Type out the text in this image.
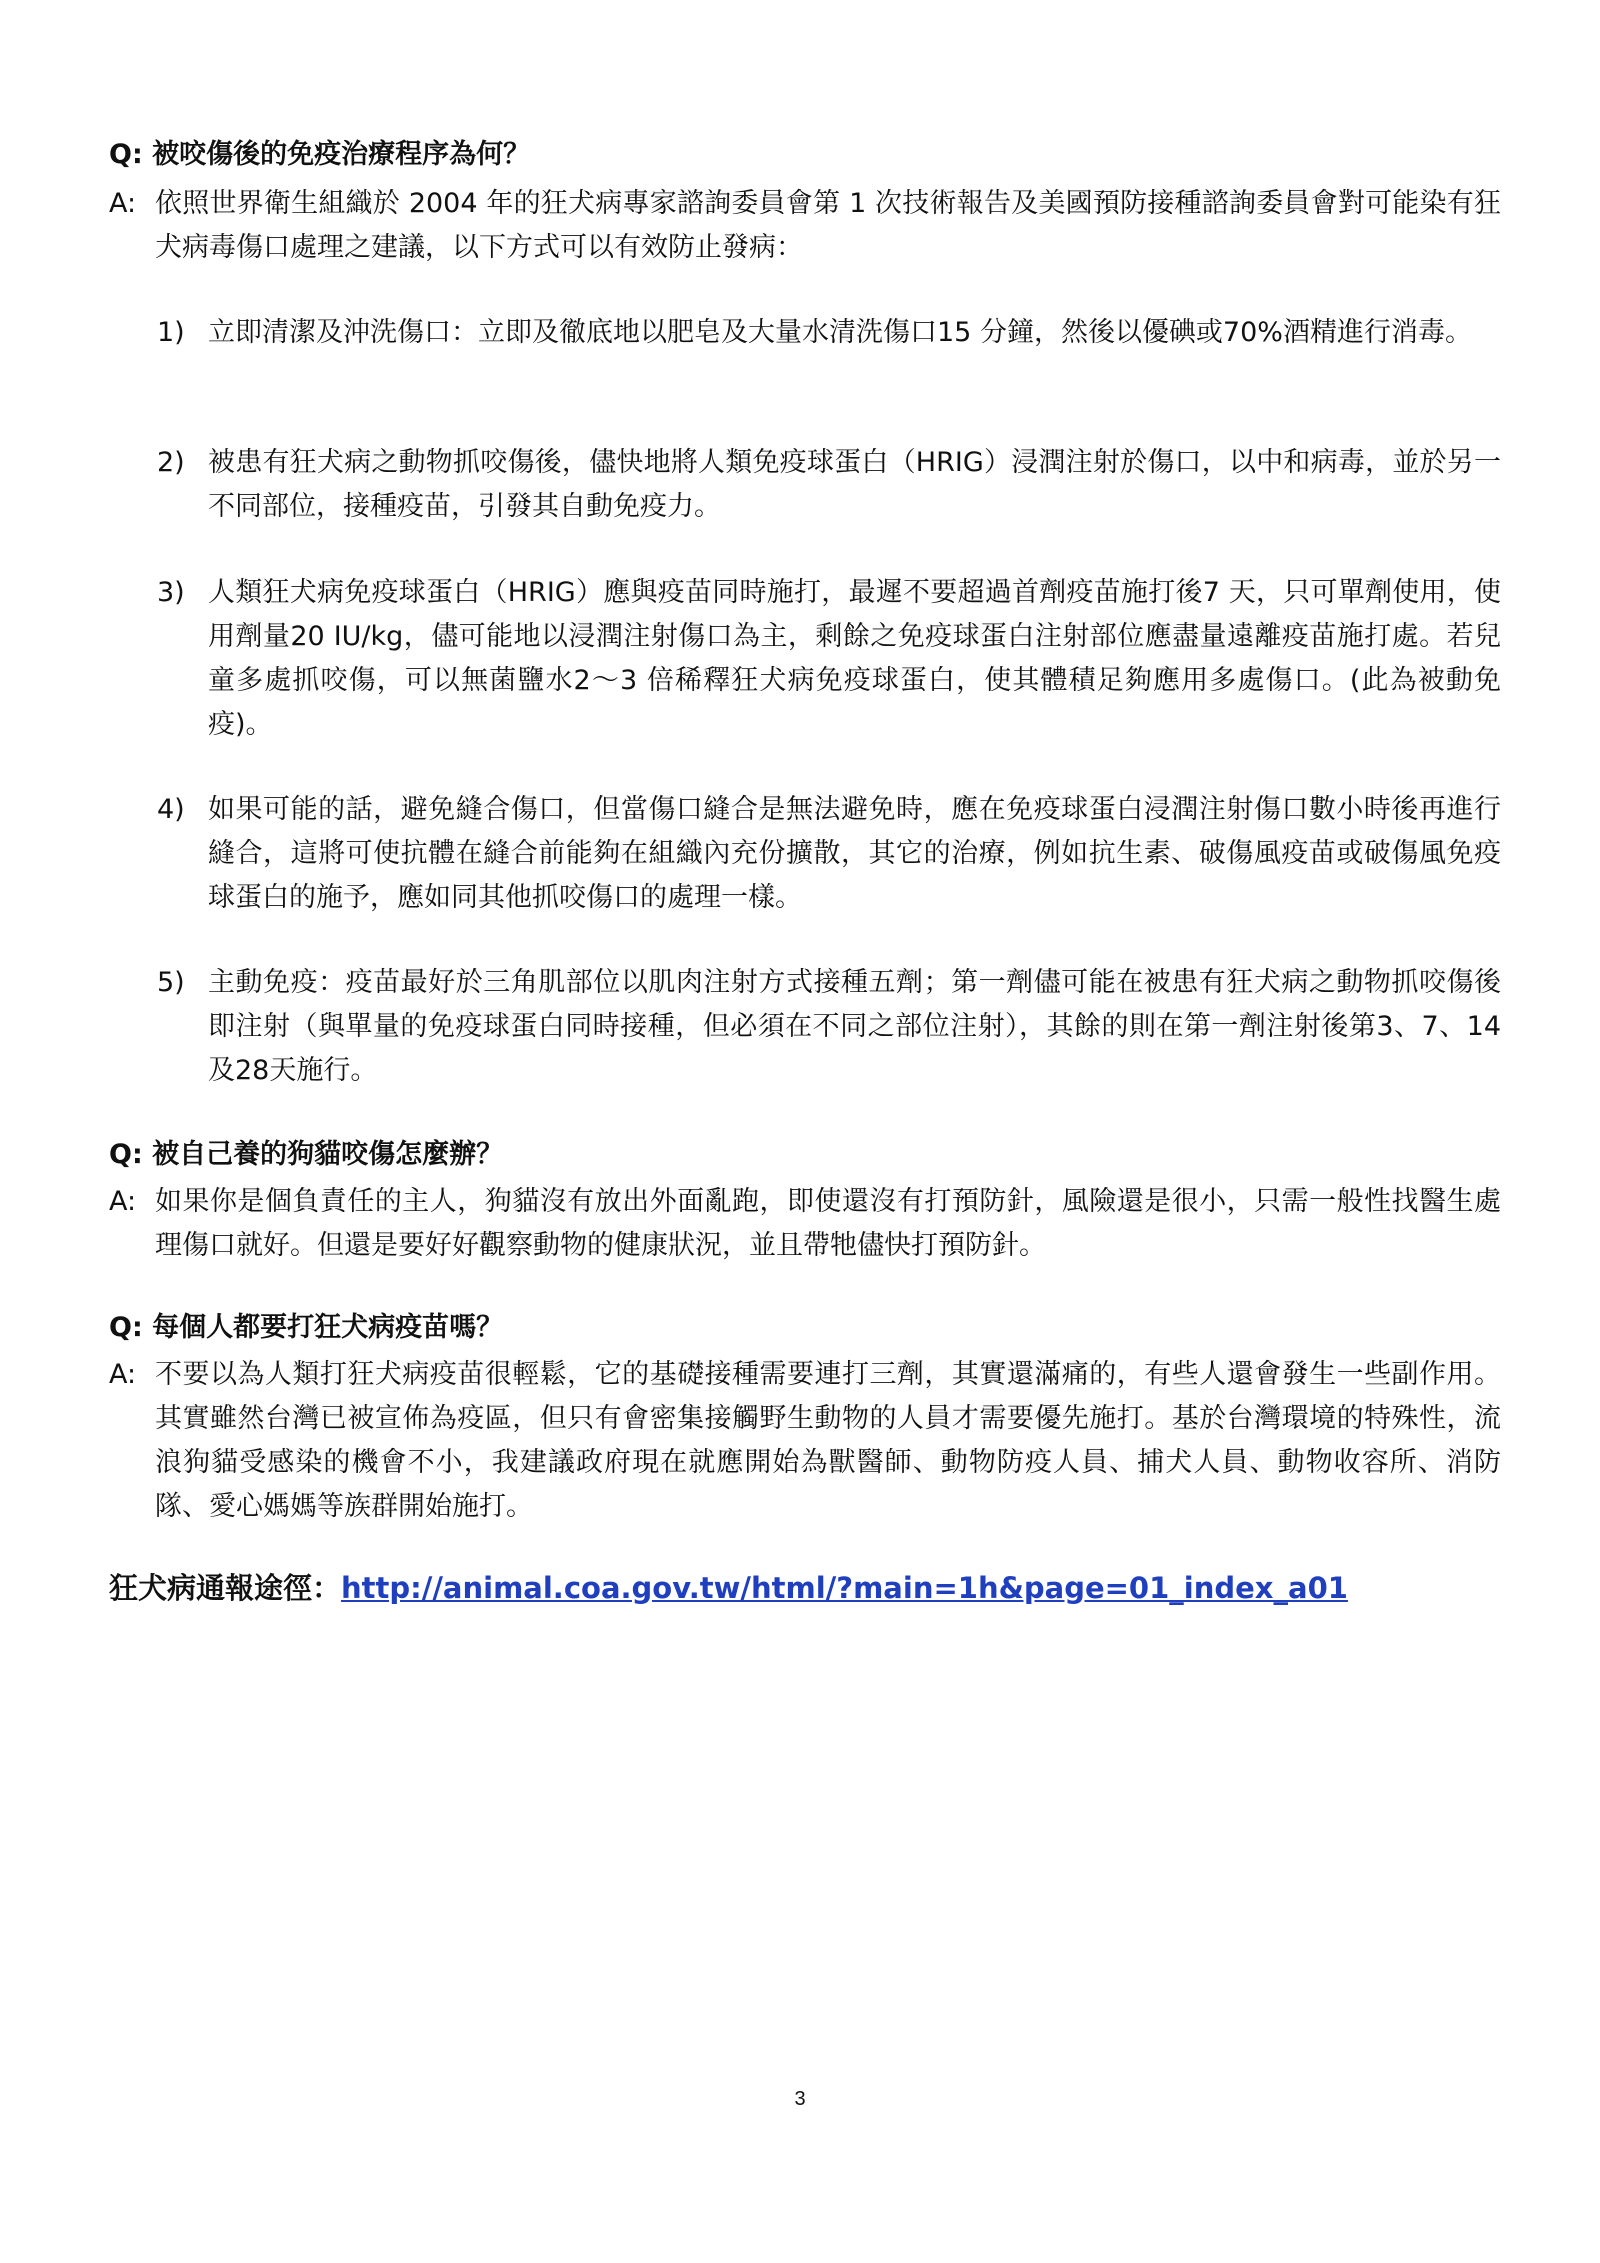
Q: 被咬傷後的免疫治療程序為何？
A: 依照世界衛生組織於 2004 年的狂犬病專家諮詢委員會第 1 次技術報告及美國預防接種諮詢委員會對可能染有狂犬病毒傷口處理之建議，以下方式可以有效防止發病：
1) 立即清潔及沖洗傷口：立即及徹底地以肥皂及大量水清洗傷口15 分鐘，然後以優碘或70%酒精進行消毒。
2) 被患有狂犬病之動物抓咬傷後，儘快地將人類免疫球蛋白（HRIG）浸潤注射於傷口，以中和病毒，並於另一不同部位，接種疫苗，引發其自動免疫力。
3) 人類狂犬病免疫球蛋白（HRIG）應與疫苗同時施打，最遲不要超過首劑疫苗施打後7 天，只可單劑使用，使用劑量20 IU/kg，儘可能地以浸潤注射傷口為主，剩餘之免疫球蛋白注射部位應盡量遠離疫苗施打處。若兒童多處抓咬傷，可以無菌鹽水2～3 倍稀釋狂犬病免疫球蛋白，使其體積足夠應用多處傷口。(此為被動免疫)。
4) 如果可能的話，避免縫合傷口，但當傷口縫合是無法避免時，應在免疫球蛋白浸潤注射傷口數小時後再進行縫合，這將可使抗體在縫合前能夠在組織內充份擴散，其它的治療，例如抗生素、破傷風疫苗或破傷風免疫球蛋白的施予，應如同其他抓咬傷口的處理一樣。
5) 主動免疫：疫苗最好於三角肌部位以肌肉注射方式接種五劑；第一劑儘可能在被患有狂犬病之動物抓咬傷後即注射（與單量的免疫球蛋白同時接種，但必須在不同之部位注射），其餘的則在第一劑注射後第3、7、14 及28天施行。
Q: 被自己養的狗貓咬傷怎麼辦？
A: 如果你是個負責任的主人，狗貓沒有放出外面亂跑，即使還沒有打預防針，風險還是很小，只需一般性找醫生處理傷口就好。但還是要好好觀察動物的健康狀況，並且帶牠儘快打預防針。
Q: 每個人都要打狂犬病疫苗嗎？
A: 不要以為人類打狂犬病疫苗很輕鬆，它的基礎接種需要連打三劑，其實還滿痛的，有些人還會發生一些副作用。其實雖然台灣已被宣佈為疫區，但只有會密集接觸野生動物的人員才需要優先施打。基於台灣環境的特殊性，流浪狗貓受感染的機會不小，我建議政府現在就應開始為獸醫師、動物防疫人員、捕犬人員、動物收容所、消防隊、愛心媽媽等族群開始施打。
狂犬病通報途徑：http://animal.coa.gov.tw/html/?main=1h&page=01_index_a01
3
